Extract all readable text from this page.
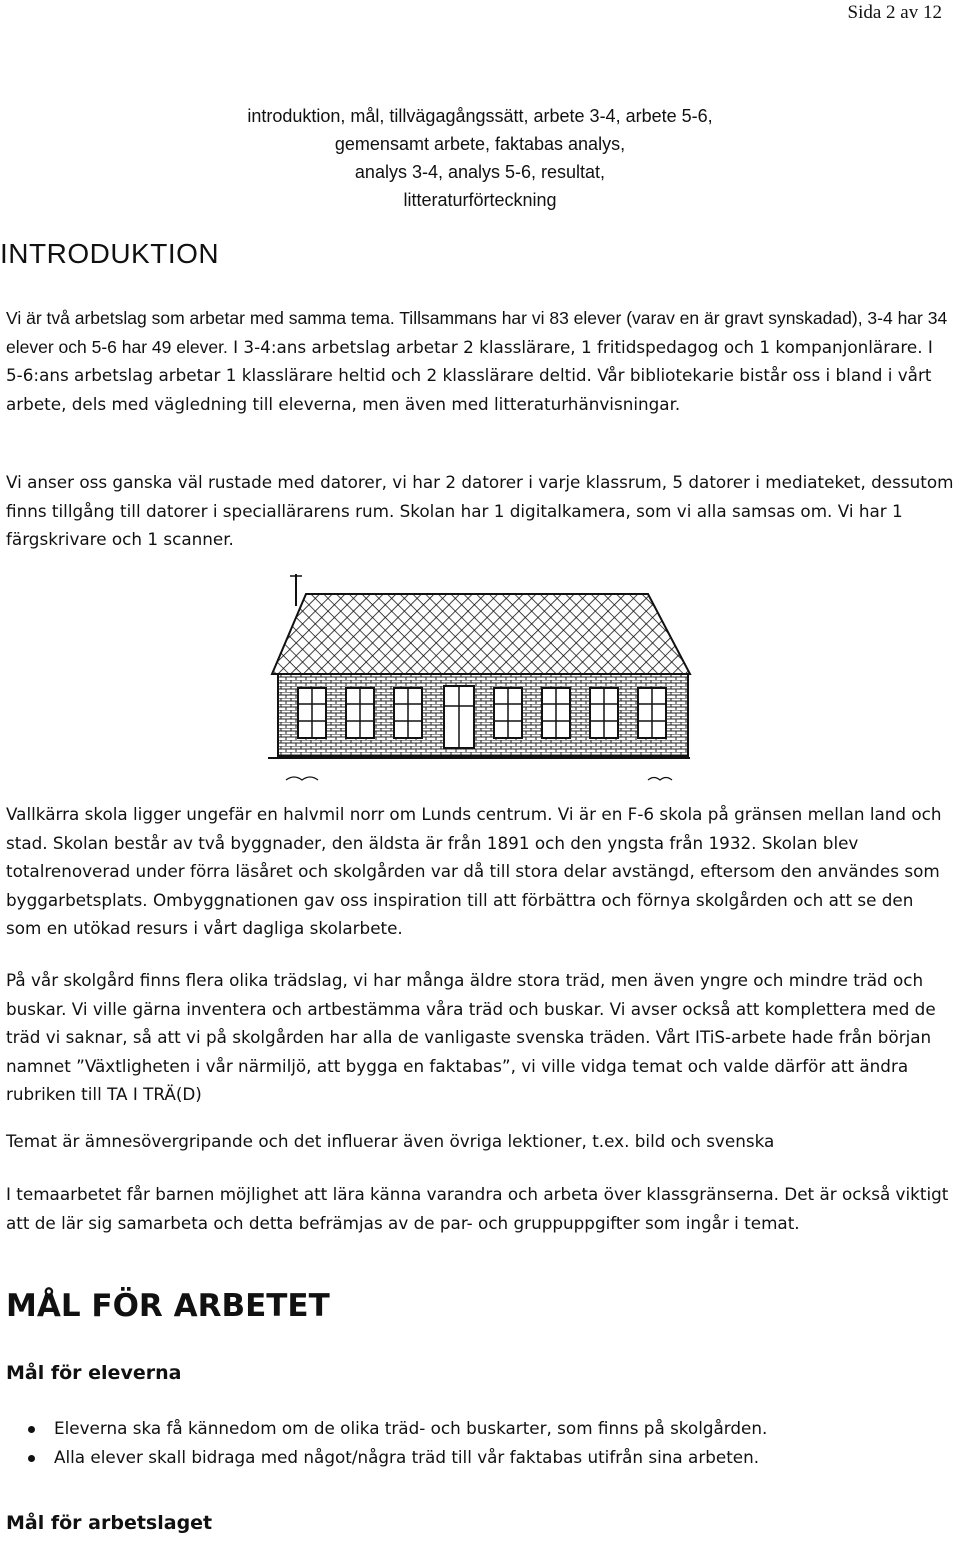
Sida 2 av 12
introduktion, mål, tillvägagångssätt, arbete 3-4, arbete 5-6,
gemensamt arbete, faktabas analys,
analys 3-4, analys 5-6, resultat,
litteraturförteckning
INTRODUKTION
Vi är två arbetslag som arbetar med samma tema. Tillsammans har vi 83 elever (varav en är gravt synskadad), 3-4 har 34 elever och 5-6 har 49 elever. I 3-4:ans arbetslag arbetar 2 klasslärare, 1 fritidspedagog och 1 kompanjonlärare. I 5-6:ans arbetslag arbetar 1 klasslärare heltid och 2 klasslärare deltid. Vår bibliotekarie bistår oss i bland i vårt arbete, dels med vägledning till eleverna, men även med litteraturhänvisningar.
Vi anser oss ganska väl rustade med datorer, vi har 2 datorer i varje klassrum, 5 datorer i mediateket, dessutom finns tillgång till datorer i speciallärarens rum. Skolan har 1 digitalkamera, som vi alla samsas om. Vi har 1 färgskrivare och 1 scanner.
Vallkärra skola ligger ungefär en halvmil norr om Lunds centrum. Vi är en F-6 skola på gränsen mellan land och stad. Skolan består av två byggnader, den äldsta är från 1891 och den yngsta från 1932. Skolan blev totalrenoverad under förra läsåret och skolgården var då till stora delar avstängd, eftersom den användes som byggarbetsplats. Ombyggnationen gav oss inspiration till att förbättra och förnya skolgården och att se den som en utökad resurs i vårt dagliga skolarbete.
På vår skolgård finns flera olika trädslag, vi har många äldre stora träd, men även yngre och mindre träd och buskar. Vi ville gärna inventera och artbestämma våra träd och buskar. Vi avser också att komplettera med de träd vi saknar, så att vi på skolgården har alla de vanligaste svenska träden. Vårt ITiS-arbete hade från början namnet ”Växtligheten i vår närmiljö, att bygga en faktabas”, vi ville vidga temat och valde därför att ändra rubriken till TA I TRÄ(D)
Temat är ämnesövergripande och det influerar även övriga lektioner, t.ex. bild och svenska
I temaarbetet får barnen möjlighet att lära känna varandra och arbeta över klassgränserna. Det är också viktigt att de lär sig samarbeta och detta befrämjas av de par- och gruppuppgifter som ingår i temat.
MÅL FÖR ARBETET
Mål för eleverna
Eleverna ska få kännedom om de olika träd- och buskarter, som finns på skolgården.
Alla elever skall bidraga med något/några träd till vår faktabas utifrån sina arbeten.
Mål för arbetslaget
